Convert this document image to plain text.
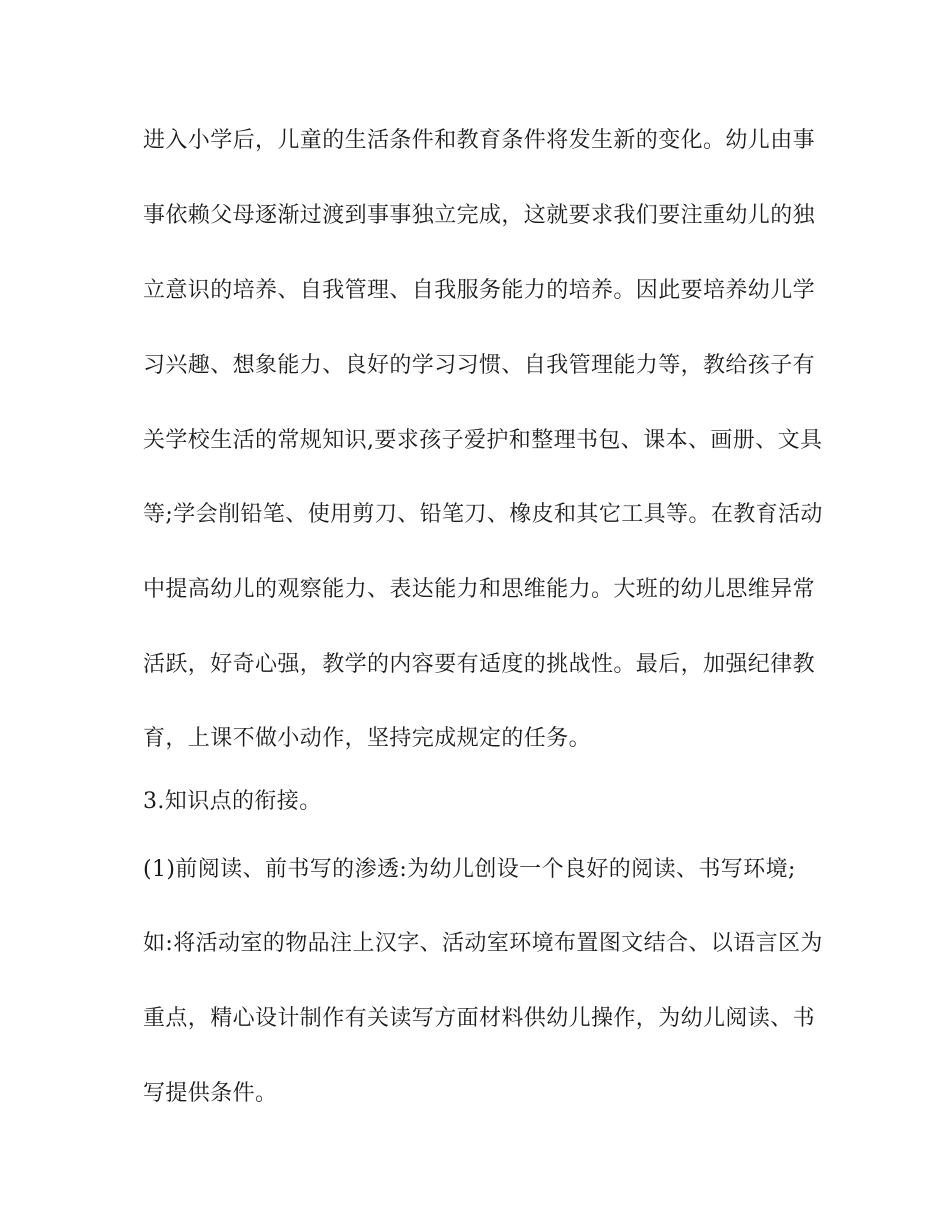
进入小学后，儿童的生活条件和教育条件将发生新的变化。幼儿由事
事依赖父母逐渐过渡到事事独立完成，这就要求我们要注重幼儿的独
立意识的培养、自我管理、自我服务能力的培养。因此要培养幼儿学
习兴趣、想象能力、良好的学习习惯、自我管理能力等，教给孩子有
关学校生活的常规知识,要求孩子爱护和整理书包、课本、画册、文具
等;学会削铅笔、使用剪刀、铅笔刀、橡皮和其它工具等。在教育活动
中提高幼儿的观察能力、表达能力和思维能力。大班的幼儿思维异常
活跃，好奇心强，教学的内容要有适度的挑战性。最后，加强纪律教
育，上课不做小动作，坚持完成规定的任务。
3.知识点的衔接。
(1)前阅读、前书写的渗透:为幼儿创设一个良好的阅读、书写环境;
如:将活动室的物品注上汉字、活动室环境布置图文结合、以语言区为
重点，精心设计制作有关读写方面材料供幼儿操作，为幼儿阅读、书
写提供条件。
